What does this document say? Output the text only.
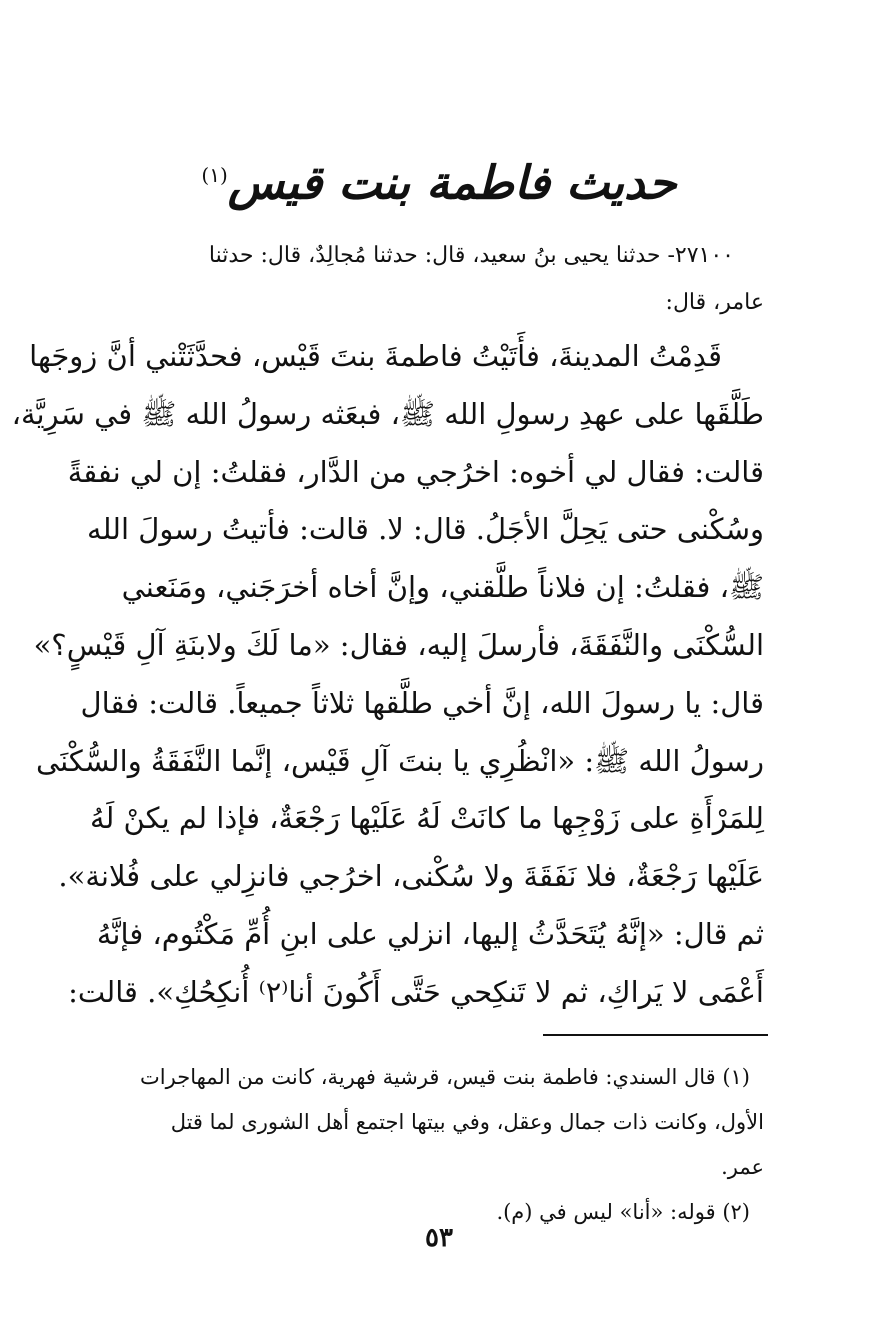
حديث فاطمة بنت قيس$^{(١)}$
٢٧١٠٠- حدثنا يحيى بنُ سعيد، قال: حدثنا مُجالِدٌ، قال: حدثنا
عامر، قال:
قَدِمْتُ المدينةَ، فأَتَيْتُ فاطمةَ بنتَ قَيْس، فحدَّثَتْني أنَّ زوجَها
طَلَّقَها على عهدِ رسولِ الله ﷺ، فبعَثه رسولُ الله ﷺ في سَرِيَّة،
قالت: فقال لي أخوه: اخرُجي من الدَّار، فقلتُ: إن لي نفقةً
وسُكْنى حتى يَحِلَّ الأجَلُ. قال: لا. قالت: فأتيتُ رسولَ الله
ﷺ، فقلتُ: إن فلاناً طلَّقني، وإنَّ أخاه أخرَجَني، ومَنَعني
السُّكْنَى والنَّفَقَةَ، فأرسلَ إليه، فقال: «ما لَكَ ولابنَةِ آلِ قَيْسٍ؟»
قال: يا رسولَ الله، إنَّ أخي طلَّقها ثلاثاً جميعاً. قالت: فقال
رسولُ الله ﷺ: «انْظُرِي يا بنتَ آلِ قَيْس، إنَّما النَّفَقَةُ والسُّكْنَى
لِلمَرْأَةِ على زَوْجِها ما كانَتْ لَهُ عَلَيْها رَجْعَةٌ، فإذا لم يكنْ لَهُ
عَلَيْها رَجْعَةٌ، فلا نَفَقَةَ ولا سُكْنى، اخرُجي فانزِلي على فُلانة».
ثم قال: «إنَّهُ يُتَحَدَّثُ إليها، انزلي على ابنِ أُمِّ مَكْتُوم، فإنَّهُ
أَعْمَى لا يَراكِ، ثم لا تَنكِحي حَتَّى أَكُونَ أنا⁽٢⁾ أُنكِحُكِ». قالت:
(١) قال السندي: فاطمة بنت قيس، قرشية فهرية، كانت من المهاجرات
الأول، وكانت ذات جمال وعقل، وفي بيتها اجتمع أهل الشورى لما قتل
عمر.
(٢) قوله: «أنا» ليس في (م).
٥٣
